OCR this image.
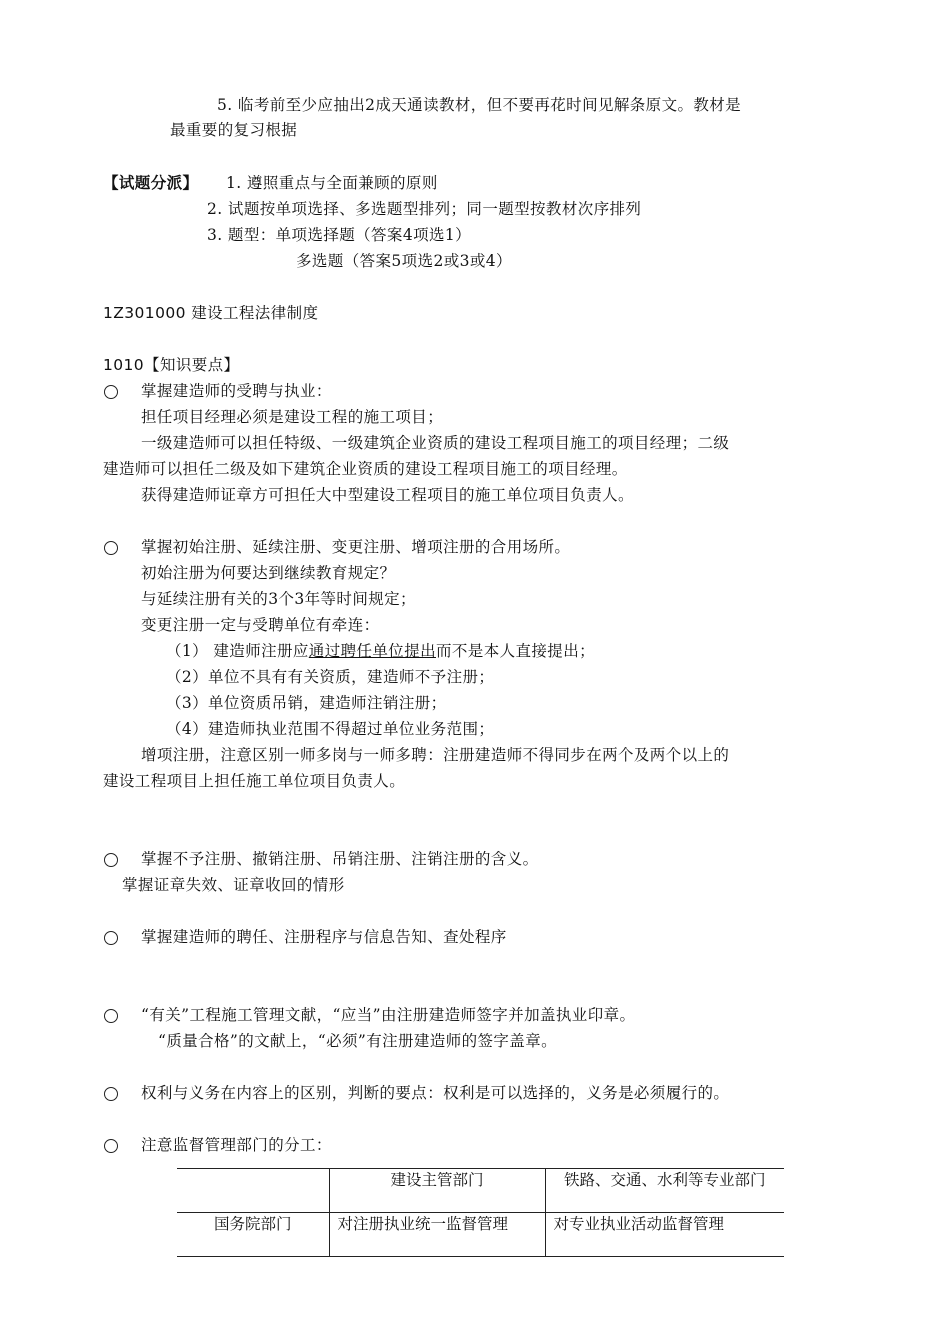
5. 临考前至少应抽出2成天通读教材，但不要再花时间见解条原文。教材是
最重要的复习根据
【试题分派】 1. 遵照重点与全面兼顾的原则
2. 试题按单项选择、多选题型排列；同一题型按教材次序排列
3. 题型：单项选择题（答案4项选1）
多选题（答案5项选2或3或4）
1Z301000 建设工程法律制度
1010【知识要点】
掌握建造师的受聘与执业：
担任项目经理必须是建设工程的施工项目；
一级建造师可以担任特级、一级建筑企业资质的建设工程项目施工的项目经理；二级
建造师可以担任二级及如下建筑企业资质的建设工程项目施工的项目经理。
获得建造师证章方可担任大中型建设工程项目的施工单位项目负责人。
掌握初始注册、延续注册、变更注册、增项注册的合用场所。
初始注册为何要达到继续教育规定？
与延续注册有关的3个3年等时间规定；
变更注册一定与受聘单位有牵连：
（1） 建造师注册应通过聘任单位提出而不是本人直接提出；
（2）单位不具有有关资质，建造师不予注册；
（3）单位资质吊销，建造师注销注册；
（4）建造师执业范围不得超过单位业务范围；
增项注册，注意区别一师多岗与一师多聘：注册建造师不得同步在两个及两个以上的
建设工程项目上担任施工单位项目负责人。
掌握不予注册、撤销注册、吊销注册、注销注册的含义。
掌握证章失效、证章收回的情形
掌握建造师的聘任、注册程序与信息告知、查处程序
“有关”工程施工管理文献，“应当”由注册建造师签字并加盖执业印章。
“质量合格”的文献上，“必须”有注册建造师的签字盖章。
权利与义务在内容上的区别，判断的要点：权利是可以选择的，义务是必须履行的。
注意监督管理部门的分工：
	建设主管部门	铁路、交通、水利等专业部门
国务院部门	对注册执业统一监督管理	对专业执业活动监督管理
